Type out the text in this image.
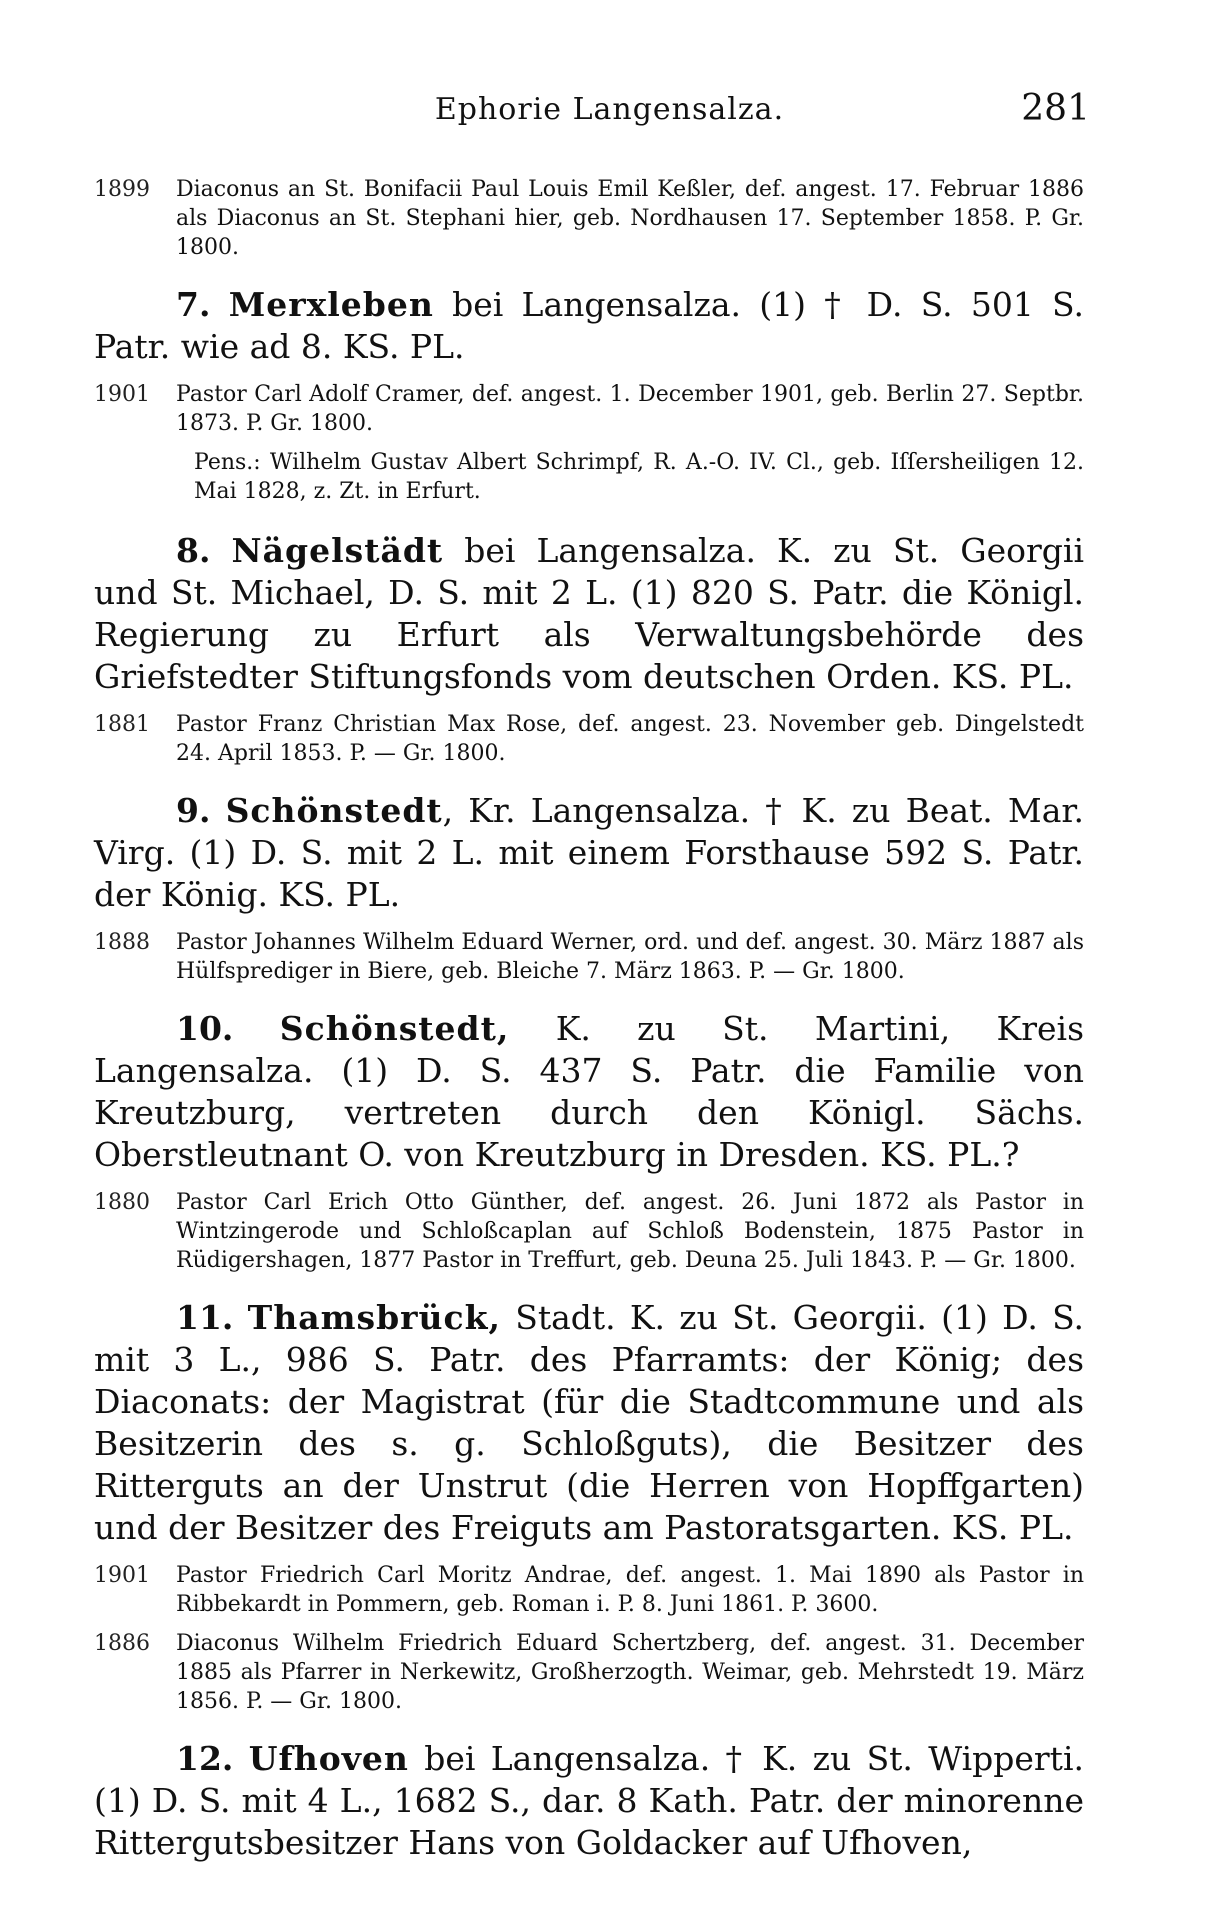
Ephorie Langensalza.	281
1899	Diaconus an St. Bonifacii Paul Louis Emil Keßler, def. angest. 17. Februar 1886 als Diaconus an St. Stephani hier, geb. Nordhausen 17. September 1858. P. Gr. 1800.
7. Merxleben bei Langensalza. (1) † D. S. 501 S. Patr. wie ad 8. KS. PL.
1901	Pastor Carl Adolf Cramer, def. angest. 1. December 1901, geb. Berlin 27. Septbr. 1873. P. Gr. 1800.
Pens.: Wilhelm Gustav Albert Schrimpf, R. A.-O. IV. Cl., geb. Iſſersheiligen 12. Mai 1828, z. Zt. in Erfurt.
8. Nägelstädt bei Langensalza. K. zu St. Georgii und St. Michael, D. S. mit 2 L. (1) 820 S. Patr. die Königl. Regierung zu Erfurt als Verwaltungsbehörde des Griefstedter Stiftungsfonds vom deutschen Orden. KS. PL.
1881	Pastor Franz Christian Max Rose, def. angest. 23. November geb. Dingelstedt 24. April 1853. P. — Gr. 1800.
9. Schönstedt, Kr. Langensalza. † K. zu Beat. Mar. Virg. (1) D. S. mit 2 L. mit einem Forsthause 592 S. Patr. der König. KS. PL.
1888	Pastor Johannes Wilhelm Eduard Werner, ord. und def. angest. 30. März 1887 als Hülfsprediger in Biere, geb. Bleiche 7. März 1863. P. — Gr. 1800.
10. Schönstedt, K. zu St. Martini, Kreis Langensalza. (1) D. S. 437 S. Patr. die Familie von Kreutzburg, vertreten durch den Königl. Sächs. Oberstleutnant O. von Kreutzburg in Dresden. KS. PL.?
1880	Pastor Carl Erich Otto Günther, def. angest. 26. Juni 1872 als Pastor in Wintzingerode und Schloßcaplan auf Schloß Bodenstein, 1875 Pastor in Rüdigershagen, 1877 Pastor in Treffurt, geb. Deuna 25. Juli 1843. P. — Gr. 1800.
11. Thamsbrück, Stadt. K. zu St. Georgii. (1) D. S. mit 3 L., 986 S. Patr. des Pfarramts: der König; des Diaconats: der Magistrat (für die Stadtcommune und als Besitzerin des s. g. Schloßguts), die Besitzer des Ritterguts an der Unstrut (die Herren von Hopffgarten) und der Besitzer des Freiguts am Pastoratsgarten. KS. PL.
1901	Pastor Friedrich Carl Moritz Andrae, def. angest. 1. Mai 1890 als Pastor in Ribbekardt in Pommern, geb. Roman i. P. 8. Juni 1861. P. 3600.
1886	Diaconus Wilhelm Friedrich Eduard Schertzberg, def. angest. 31. December 1885 als Pfarrer in Nerkewitz, Großherzogth. Weimar, geb. Mehrstedt 19. März 1856. P. — Gr. 1800.
12. Ufhoven bei Langensalza. † K. zu St. Wipperti. (1) D. S. mit 4 L., 1682 S., dar. 8 Kath. Patr. der minorenne Rittergutsbesitzer Hans von Goldacker auf Ufhoven,
